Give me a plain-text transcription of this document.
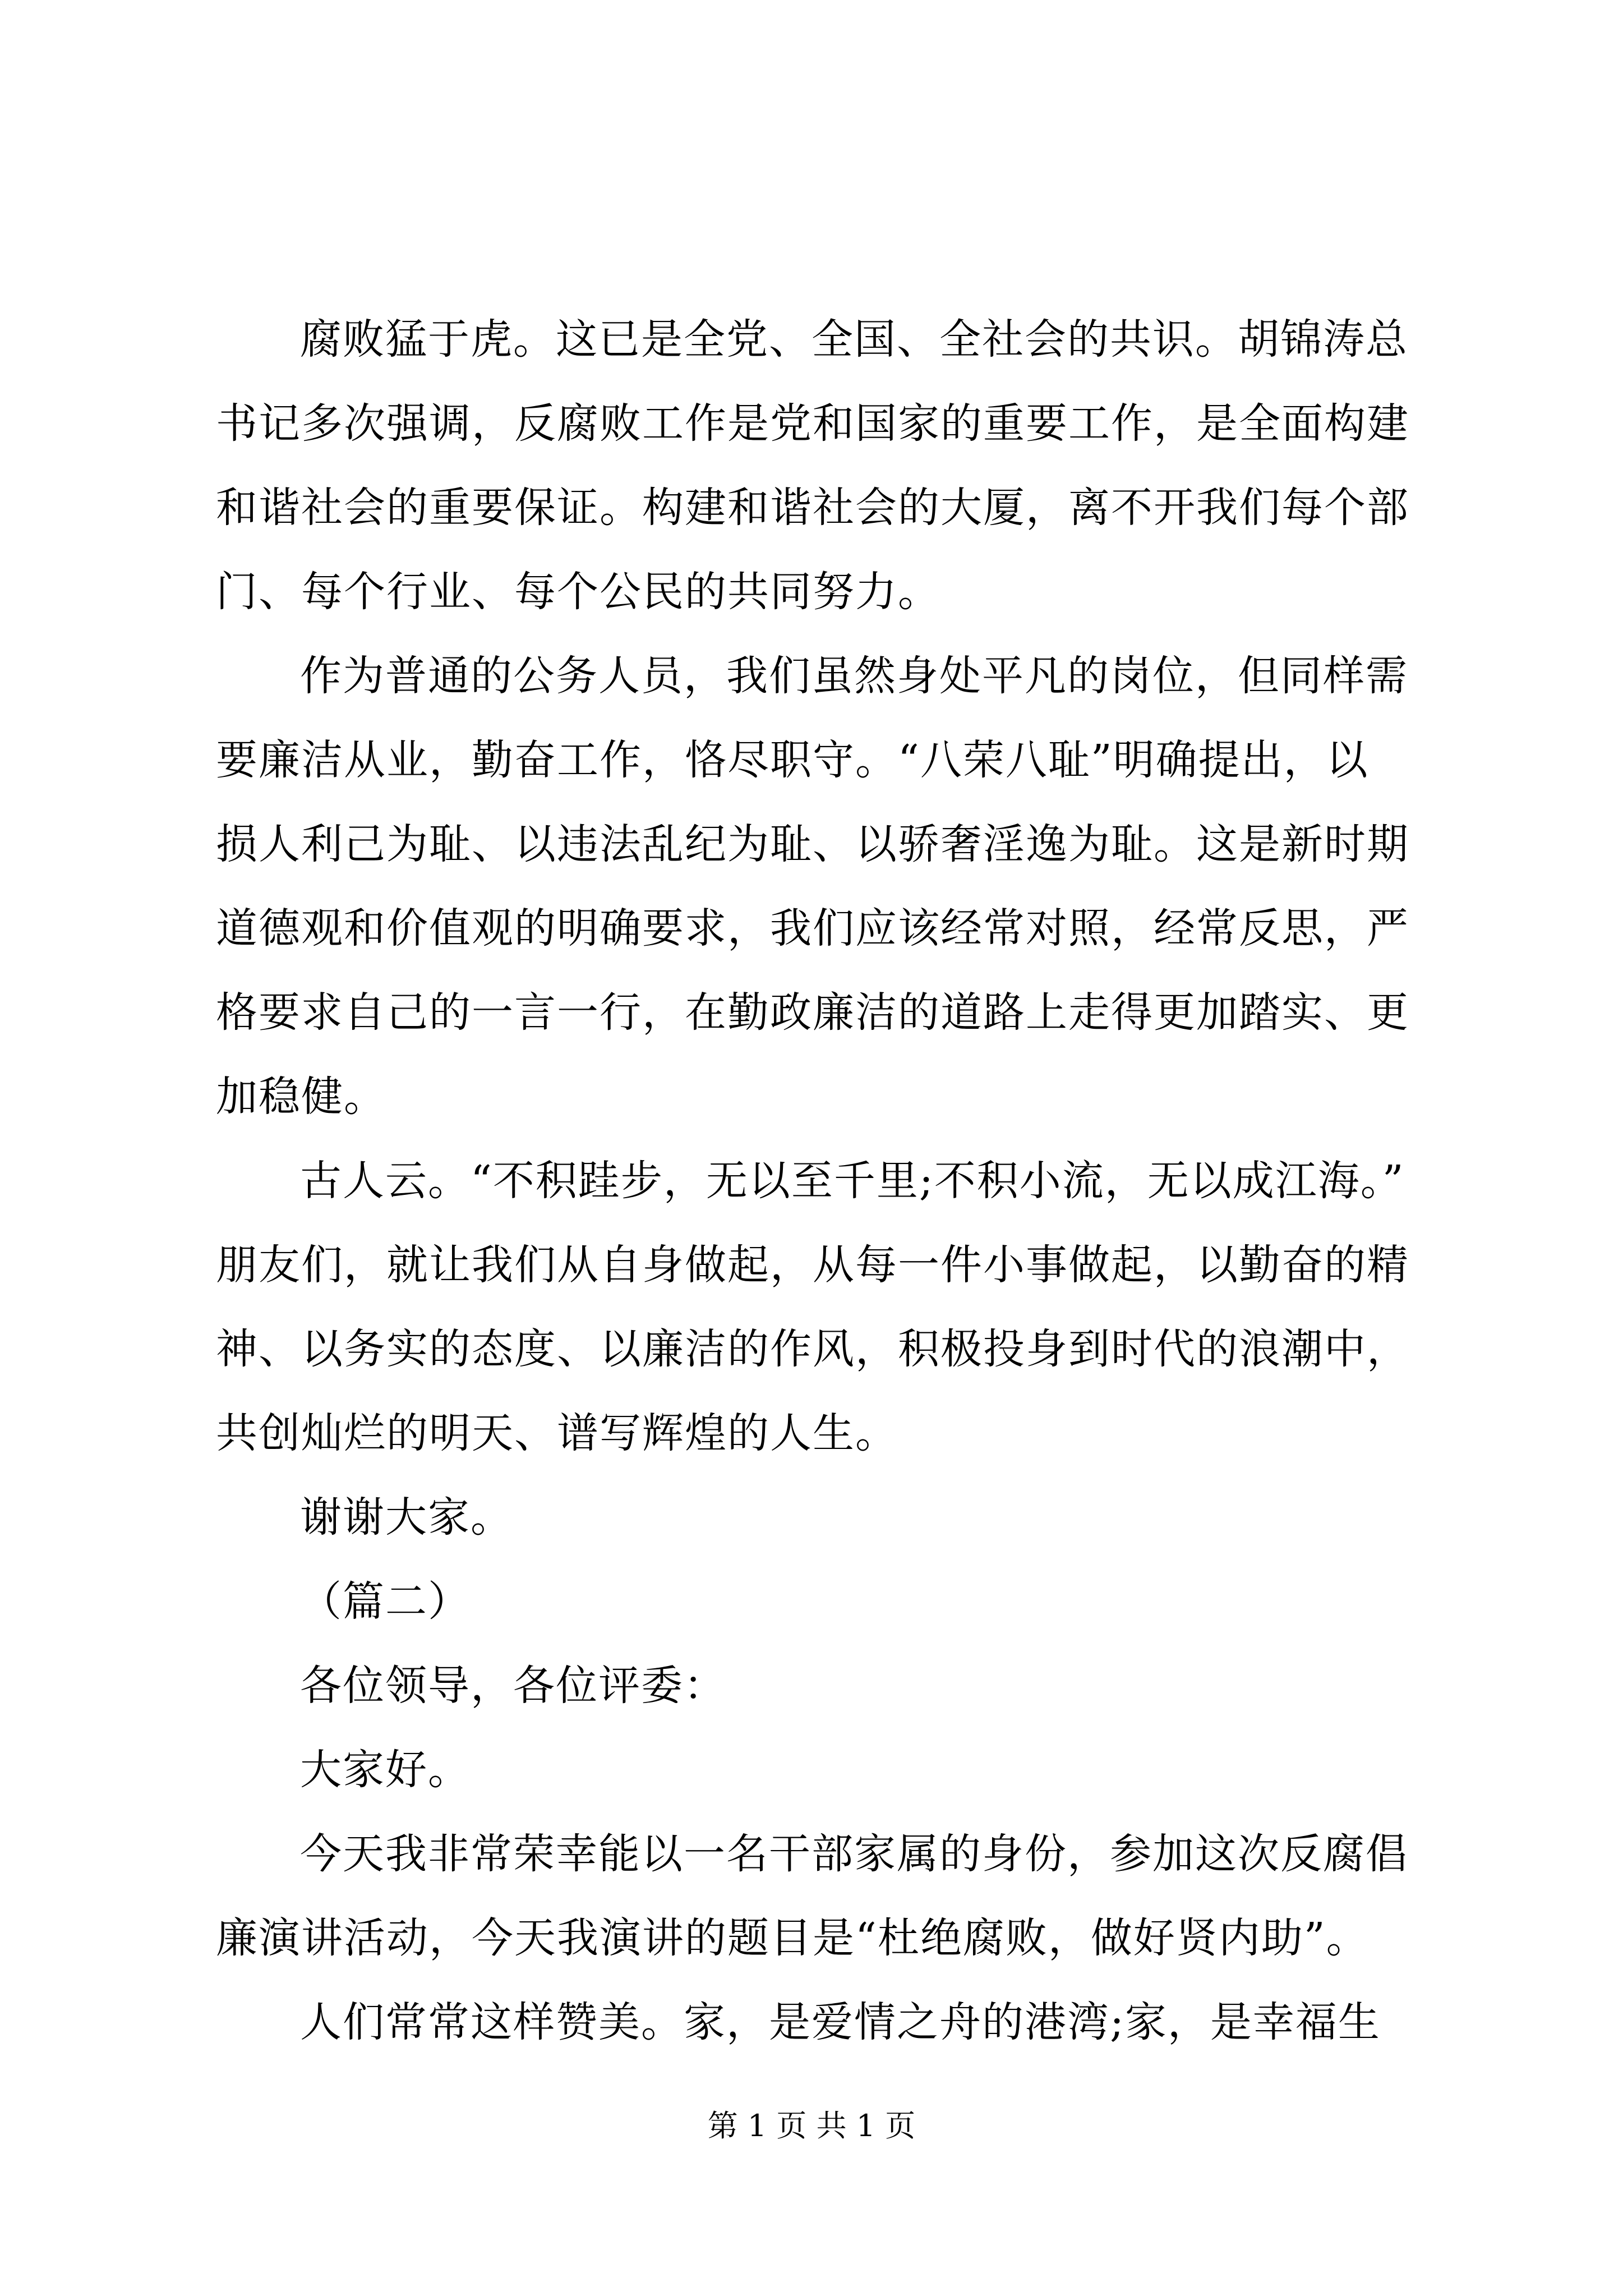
腐败猛于虎。这已是全党、全国、全社会的共识。胡锦涛总
书记多次强调，反腐败工作是党和国家的重要工作，是全面构建
和谐社会的重要保证。构建和谐社会的大厦，离不开我们每个部
门、每个行业、每个公民的共同努力。
作为普通的公务人员，我们虽然身处平凡的岗位，但同样需
要廉洁从业，勤奋工作，恪尽职守。“八荣八耻”明确提出，以
损人利己为耻、以违法乱纪为耻、以骄奢淫逸为耻。这是新时期
道德观和价值观的明确要求，我们应该经常对照，经常反思，严
格要求自己的一言一行，在勤政廉洁的道路上走得更加踏实、更
加稳健。
古人云。“不积跬步，无以至千里;不积小流，无以成江海。”
朋友们，就让我们从自身做起，从每一件小事做起，以勤奋的精
神、以务实的态度、以廉洁的作风，积极投身到时代的浪潮中，
共创灿烂的明天、谱写辉煌的人生。
谢谢大家。
（篇二）
各位领导，各位评委：
大家好。
今天我非常荣幸能以一名干部家属的身份，参加这次反腐倡
廉演讲活动，今天我演讲的题目是“杜绝腐败，做好贤内助”。
人们常常这样赞美。家，是爱情之舟的港湾;家，是幸福生
第 1 页 共 1 页
